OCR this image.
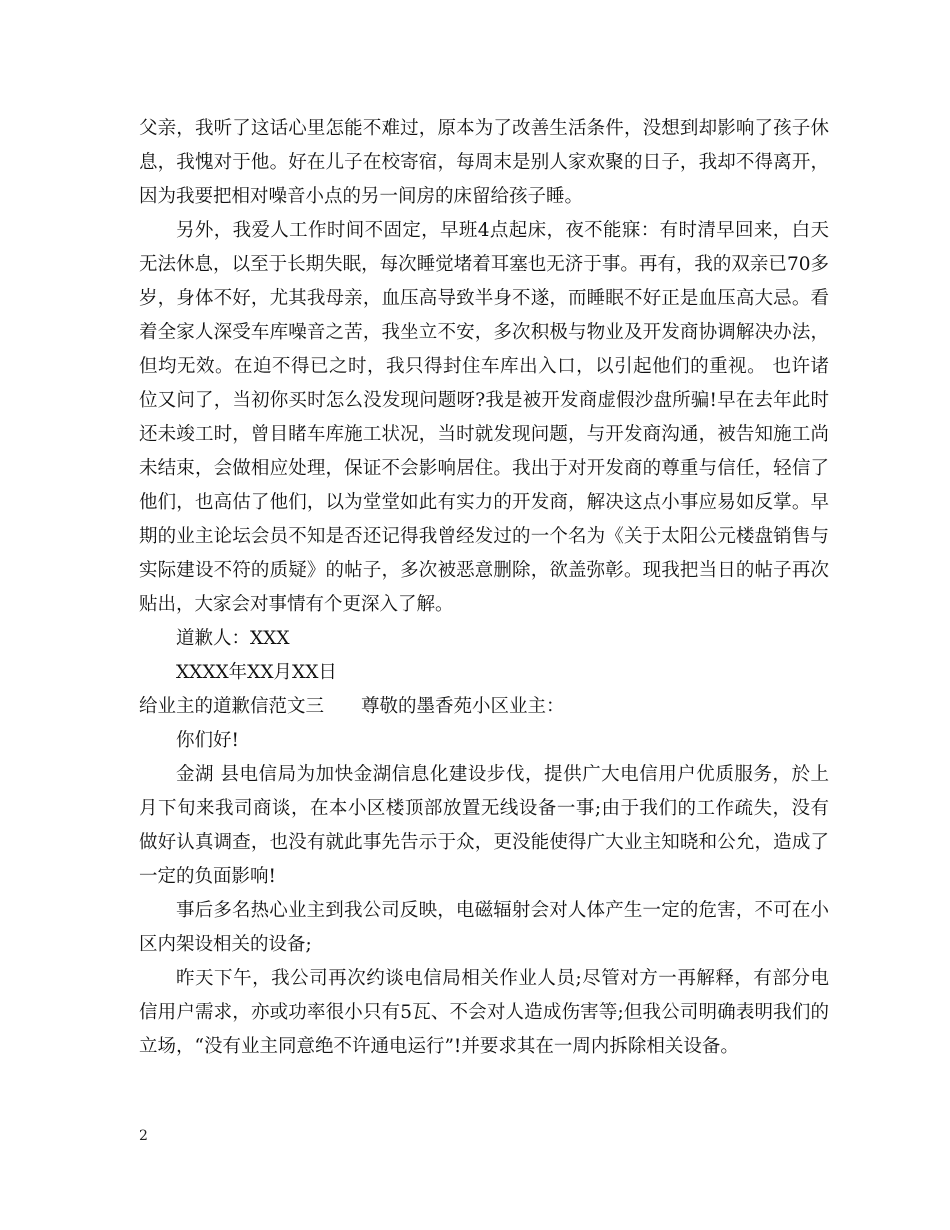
父亲，我听了这话心里怎能不难过，原本为了改善生活条件，没想到却影响了孩子休息，我愧对于他。好在儿子在校寄宿，每周末是别人家欢聚的日子，我却不得离开，因为我要把相对噪音小点的另一间房的床留给孩子睡。

另外，我爱人工作时间不固定，早班4点起床，夜不能寐：有时清早回来，白天无法休息，以至于长期失眠，每次睡觉堵着耳塞也无济于事。再有，我的双亲已70多岁，身体不好，尤其我母亲，血压高导致半身不遂，而睡眠不好正是血压高大忌。看着全家人深受车库噪音之苦，我坐立不安，多次积极与物业及开发商协调解决办法，但均无效。在迫不得已之时，我只得封住车库出入口，以引起他们的重视。 也许诸位又问了，当初你买时怎么没发现问题呀?我是被开发商虚假沙盘所骗!早在去年此时还未竣工时，曾目睹车库施工状况，当时就发现问题，与开发商沟通，被告知施工尚未结束，会做相应处理，保证不会影响居住。我出于对开发商的尊重与信任，轻信了他们，也高估了他们，以为堂堂如此有实力的开发商，解决这点小事应易如反掌。早期的业主论坛会员不知是否还记得我曾经发过的一个名为《关于太阳公元楼盘销售与实际建设不符的质疑》的帖子，多次被恶意删除，欲盖弥彰。现我把当日的帖子再次贴出，大家会对事情有个更深入了解。

道歉人：XXX

XXXX年XX月XX日

给业主的道歉信范文三　　尊敬的墨香苑小区业主：

你们好!

金湖 县电信局为加快金湖信息化建设步伐，提供广大电信用户优质服务，於上月下旬来我司商谈，在本小区楼顶部放置无线设备一事;由于我们的工作疏失，没有做好认真调查，也没有就此事先告示于众，更没能使得广大业主知晓和公允，造成了一定的负面影响!

事后多名热心业主到我公司反映，电磁辐射会对人体产生一定的危害，不可在小区内架设相关的设备;

昨天下午，我公司再次约谈电信局相关作业人员;尽管对方一再解释，有部分电信用户需求，亦或功率很小只有5瓦、不会对人造成伤害等;但我公司明确表明我们的立场，“没有业主同意绝不许通电运行”!并要求其在一周内拆除相关设备。

2
